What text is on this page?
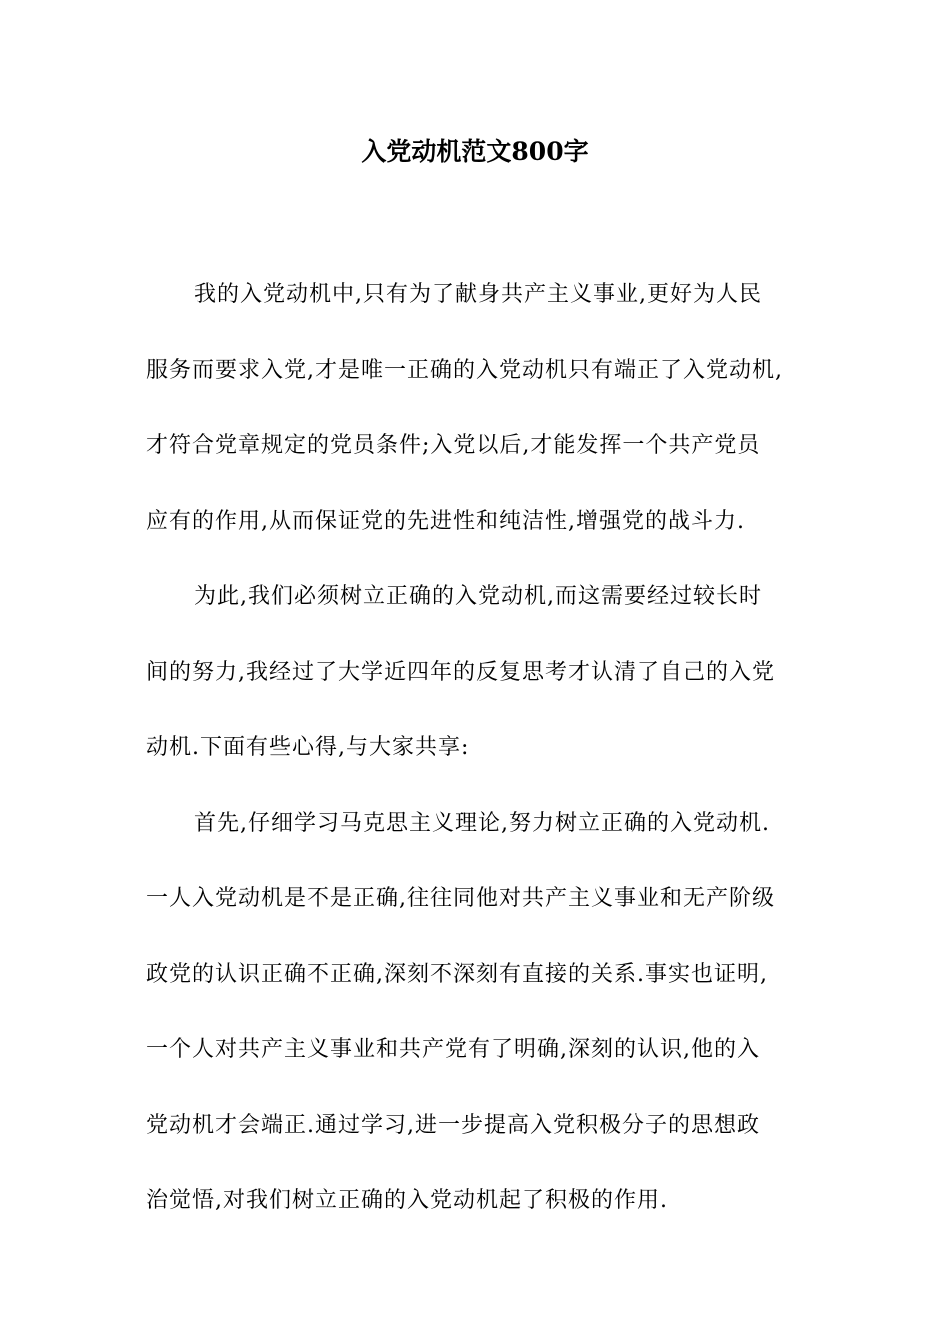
入党动机范文800字

我的入党动机中,只有为了献身共产主义事业,更好为人民
服务而要求入党,才是唯一正确的入党动机只有端正了入党动机,
才符合党章规定的党员条件;入党以后,才能发挥一个共产党员
应有的作用,从而保证党的先进性和纯洁性,增强党的战斗力.

为此,我们必须树立正确的入党动机,而这需要经过较长时
间的努力,我经过了大学近四年的反复思考才认清了自己的入党
动机.下面有些心得,与大家共享:

首先,仔细学习马克思主义理论,努力树立正确的入党动机.
一人入党动机是不是正确,往往同他对共产主义事业和无产阶级
政党的认识正确不正确,深刻不深刻有直接的关系.事实也证明,
一个人对共产主义事业和共产党有了明确,深刻的认识,他的入
党动机才会端正.通过学习,进一步提高入党积极分子的思想政
治觉悟,对我们树立正确的入党动机起了积极的作用.
